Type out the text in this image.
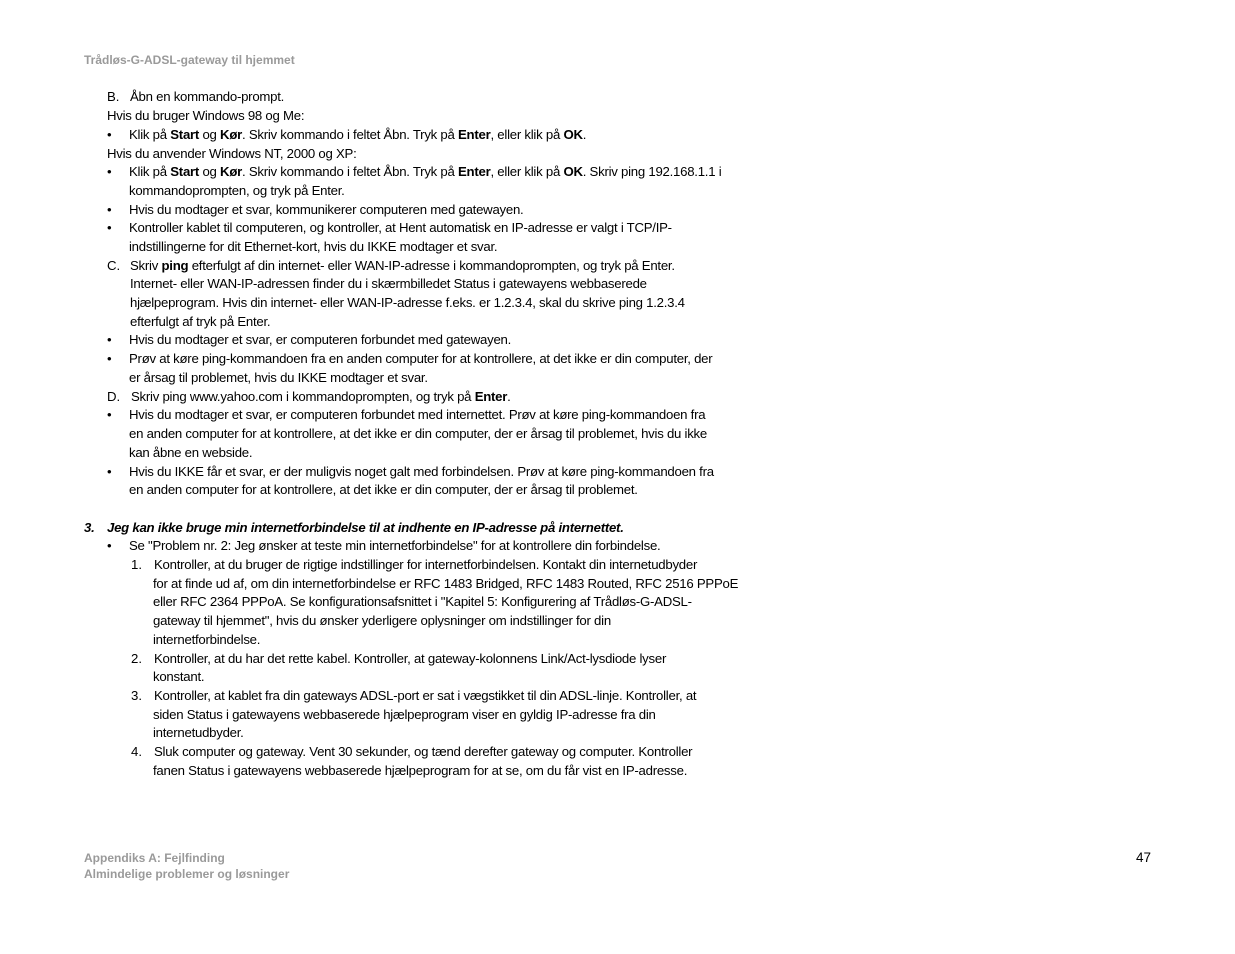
Trådløs-G-ADSL-gateway til hjemmet
B. Åbn en kommando-prompt.
Hvis du bruger Windows 98 og Me:
• Klik på Start og Kør. Skriv kommando i feltet Åbn. Tryk på Enter, eller klik på OK.
Hvis du anvender Windows NT, 2000 og XP:
• Klik på Start og Kør. Skriv kommando i feltet Åbn. Tryk på Enter, eller klik på OK. Skriv ping 192.168.1.1 i
kommandoprompten, og tryk på Enter.
• Hvis du modtager et svar, kommunikerer computeren med gatewayen.
• Kontroller kablet til computeren, og kontroller, at Hent automatisk en IP-adresse er valgt i TCP/IP-
indstillingerne for dit Ethernet-kort, hvis du IKKE modtager et svar.
C. Skriv ping efterfulgt af din internet- eller WAN-IP-adresse i kommandoprompten, og tryk på Enter.
Internet- eller WAN-IP-adressen finder du i skærmbilledet Status i gatewayens webbaserede
hjælpeprogram. Hvis din internet- eller WAN-IP-adresse f.eks. er 1.2.3.4, skal du skrive ping 1.2.3.4
efterfulgt af tryk på Enter.
• Hvis du modtager et svar, er computeren forbundet med gatewayen.
• Prøv at køre ping-kommandoen fra en anden computer for at kontrollere, at det ikke er din computer, der
er årsag til problemet, hvis du IKKE modtager et svar.
D. Skriv ping www.yahoo.com i kommandoprompten, og tryk på Enter.
• Hvis du modtager et svar, er computeren forbundet med internettet. Prøv at køre ping-kommandoen fra
en anden computer for at kontrollere, at det ikke er din computer, der er årsag til problemet, hvis du ikke
kan åbne en webside.
• Hvis du IKKE får et svar, er der muligvis noget galt med forbindelsen. Prøv at køre ping-kommandoen fra
en anden computer for at kontrollere, at det ikke er din computer, der er årsag til problemet.
3. Jeg kan ikke bruge min internetforbindelse til at indhente en IP-adresse på internettet.
• Se "Problem nr. 2: Jeg ønsker at teste min internetforbindelse" for at kontrollere din forbindelse.
1. Kontroller, at du bruger de rigtige indstillinger for internetforbindelsen. Kontakt din internetudbyder
for at finde ud af, om din internetforbindelse er RFC 1483 Bridged, RFC 1483 Routed, RFC 2516 PPPoE
eller RFC 2364 PPPoA. Se konfigurationsafsnittet i "Kapitel 5: Konfigurering af Trådløs-G-ADSL-
gateway til hjemmet", hvis du ønsker yderligere oplysninger om indstillinger for din
internetforbindelse.
2. Kontroller, at du har det rette kabel. Kontroller, at gateway-kolonnens Link/Act-lysdiode lyser
konstant.
3. Kontroller, at kablet fra din gateways ADSL-port er sat i vægstikket til din ADSL-linje. Kontroller, at
siden Status i gatewayens webbaserede hjælpeprogram viser en gyldig IP-adresse fra din
internetudbyder.
4. Sluk computer og gateway. Vent 30 sekunder, og tænd derefter gateway og computer. Kontroller
fanen Status i gatewayens webbaserede hjælpeprogram for at se, om du får vist en IP-adresse.
Appendiks A: Fejlfinding
Almindelige problemer og løsninger
47
